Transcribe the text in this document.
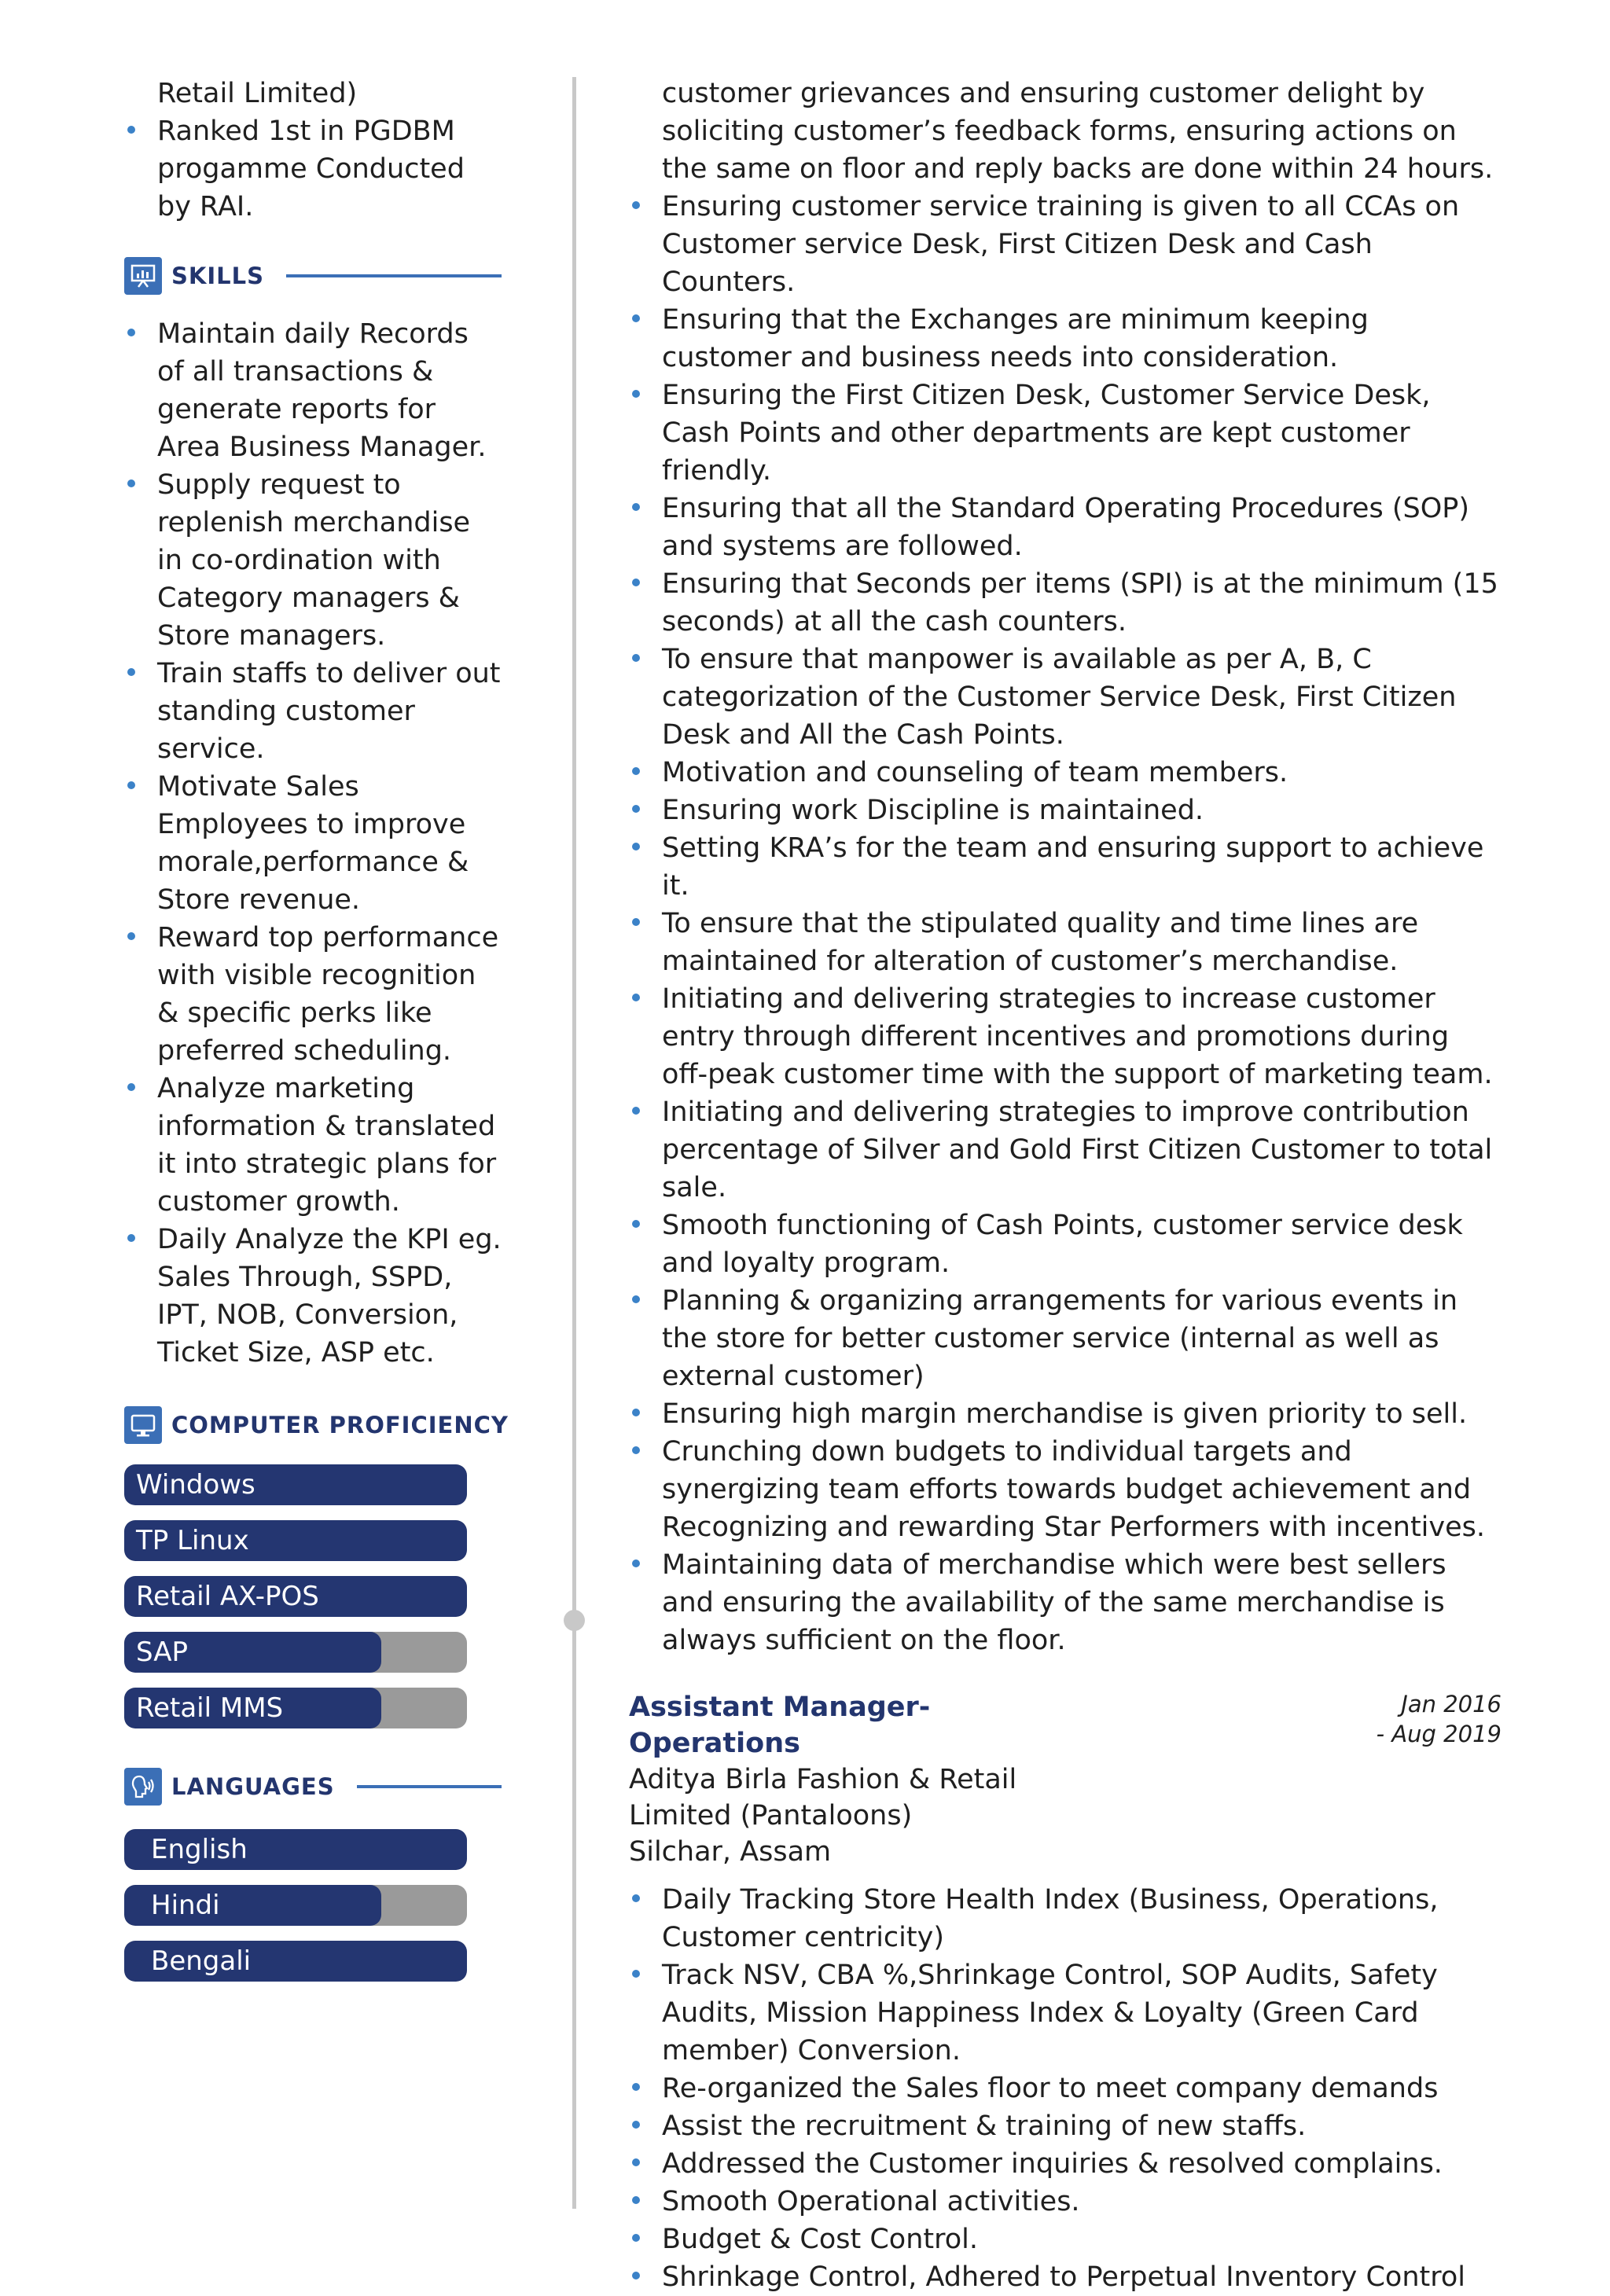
Retail Limited)
Ranked 1st in PGDBM progamme Conducted by RAI.
SKILLS
Maintain daily Records of all transactions & generate reports for Area Business Manager.
Supply request to replenish merchandise in co-ordination with Category managers & Store managers.
Train staffs to deliver out standing customer service.
Motivate Sales Employees to improve morale,performance & Store revenue.
Reward top performance with visible recognition & specific perks like preferred scheduling.
Analyze marketing information & translated it into strategic plans for customer growth.
Daily Analyze the KPI eg. Sales Through, SSPD, IPT, NOB, Conversion, Ticket Size, ASP etc.
COMPUTER PROFICIENCY
Windows
TP Linux
Retail AX-POS
SAP
Retail MMS
LANGUAGES
English
Hindi
Bengali
customer grievances and ensuring customer delight by soliciting customer’s feedback forms, ensuring actions on the same on floor and reply backs are done within 24 hours.
Ensuring customer service training is given to all CCAs on Customer service Desk, First Citizen Desk and Cash Counters.
Ensuring that the Exchanges are minimum keeping customer and business needs into consideration.
Ensuring the First Citizen Desk, Customer Service Desk, Cash Points and other departments are kept customer friendly.
Ensuring that all the Standard Operating Procedures (SOP) and systems are followed.
Ensuring that Seconds per items (SPI) is at the minimum (15 seconds) at all the cash counters.
To ensure that manpower is available as per A, B, C categorization of the Customer Service Desk, First Citizen Desk and All the Cash Points.
Motivation and counseling of team members.
Ensuring work Discipline is maintained.
Setting KRA’s for the team and ensuring support to achieve it.
To ensure that the stipulated quality and time lines are maintained for alteration of customer’s merchandise.
Initiating and delivering strategies to increase customer entry through different incentives and promotions during off-peak customer time with the support of marketing team.
Initiating and delivering strategies to improve contribution percentage of Silver and Gold First Citizen Customer to total sale.
Smooth functioning of Cash Points, customer service desk and loyalty program.
Planning & organizing arrangements for various events in the store for better customer service (internal as well as external customer)
Ensuring high margin merchandise is given priority to sell.
Crunching down budgets to individual targets and synergizing team efforts towards budget achievement and Recognizing and rewarding Star Performers with incentives.
Maintaining data of merchandise which were best sellers and ensuring the availability of the same merchandise is always sufficient on the floor.
Assistant Manager-Operations
Jan 2016
- Aug 2019
Aditya Birla Fashion & Retail Limited (Pantaloons)
Silchar, Assam
Daily Tracking Store Health Index (Business, Operations, Customer centricity)
Track NSV, CBA %,Shrinkage Control, SOP Audits, Safety Audits, Mission Happiness Index & Loyalty (Green Card member) Conversion.
Re-organized the Sales floor to meet company demands
Assist the recruitment & training of new staffs.
Addressed the Customer inquiries & resolved complains.
Smooth Operational activities.
Budget & Cost Control.
Shrinkage Control, Adhered to Perpetual Inventory Control
